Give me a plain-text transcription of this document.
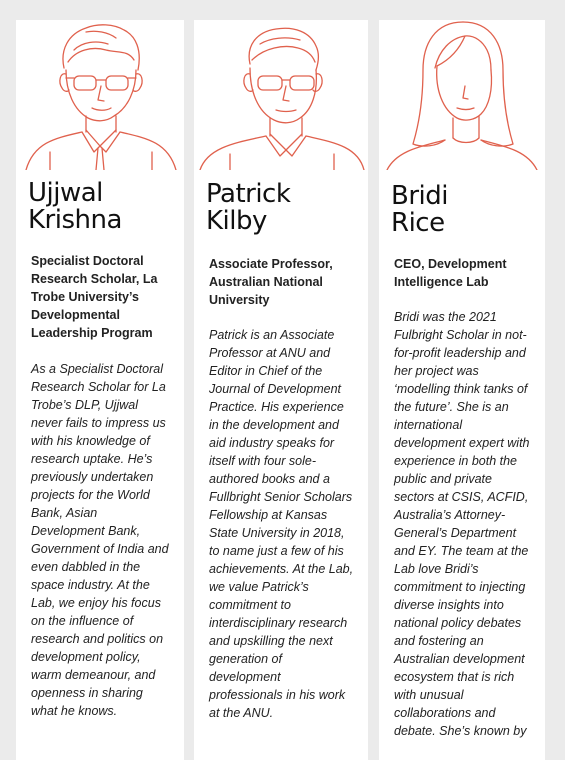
Ujjwal
Krishna

Specialist Doctoral Research Scholar, La Trobe University’s Developmental Leadership Program

As a Specialist Doctoral Research Scholar for La Trobe’s DLP, Ujjwal never fails to impress us with his knowledge of research uptake. He’s previously undertaken projects for the World Bank, Asian Development Bank, Government of India and even dabbled in the space industry. At the Lab, we enjoy his focus on the influence of research and politics on development policy, warm demeanour, and openness in sharing what he knows.

Patrick
Kilby

Associate Professor, Australian National University

Patrick is an Associate Professor at ANU and Editor in Chief of the Journal of Development Practice. His experience in the development and aid industry speaks for itself with four sole-authored books and a Fullbright Senior Scholars Fellowship at Kansas State University in 2018, to name just a few of his achievements. At the Lab, we value Patrick’s commitment to interdisciplinary research and upskilling the next generation of development professionals in his work at the ANU.

Bridi
Rice

CEO, Development Intelligence Lab

Bridi was the 2021 Fulbright Scholar in not-for-profit leadership and her project was ‘modelling think tanks of the future’. She is an international development expert with experience in both the public and private sectors at CSIS, ACFID, Australia’s Attorney-General’s Department and EY. The team at the Lab love Bridi’s commitment to injecting diverse insights into national policy debates and fostering an Australian development ecosystem that is rich with unusual collaborations and debate. She’s known by
